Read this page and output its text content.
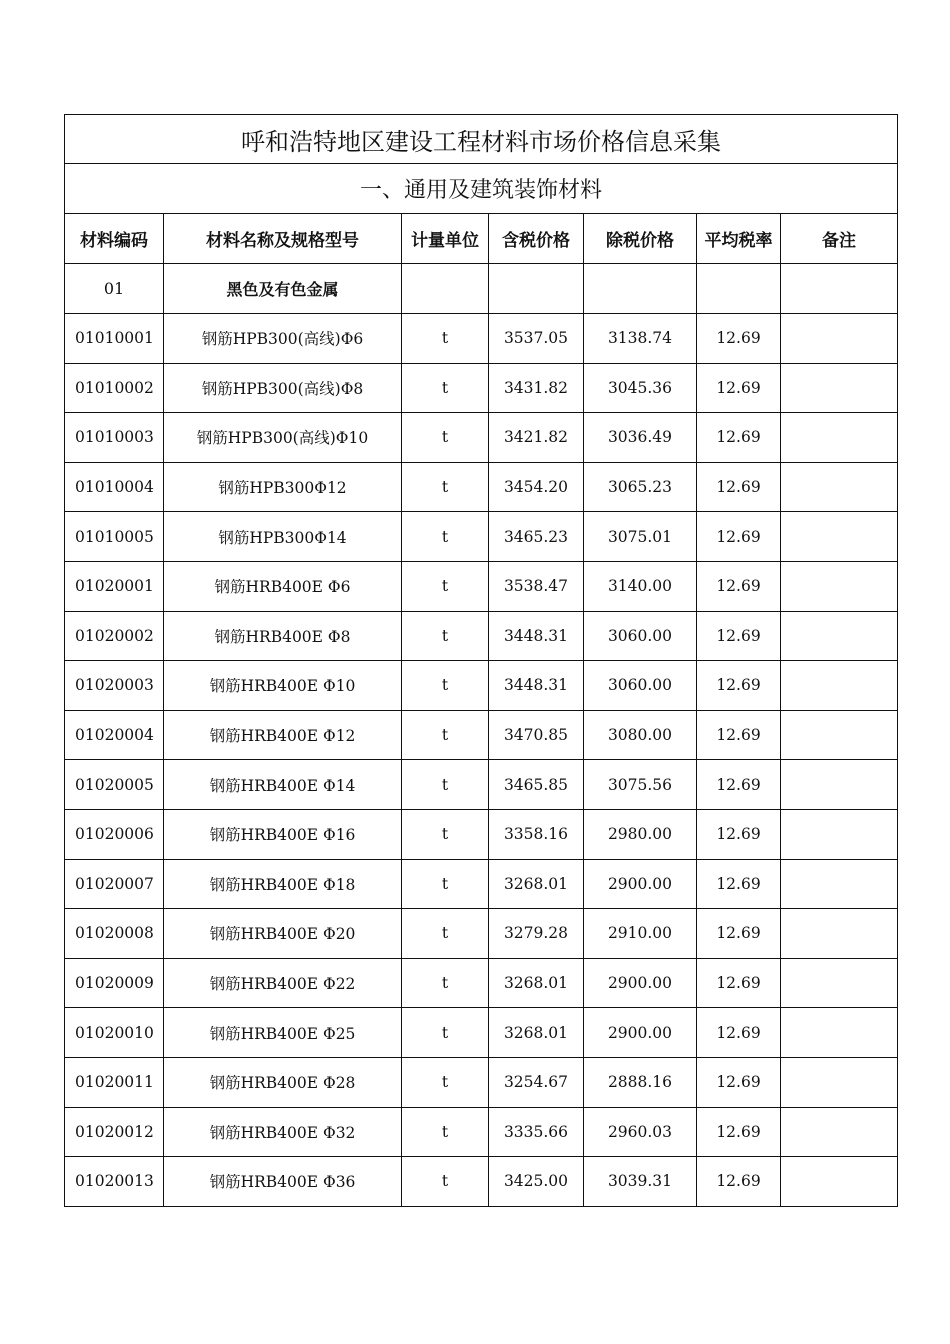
呼和浩特地区建设工程材料市场价格信息采集						
一、通用及建筑装饰材料						
材料编码	材料名称及规格型号	计量单位	含税价格	除税价格	平均税率	备注
01	黑色及有色金属					
01010001	钢筋HPB300(高线)Φ6	t	3537.05	3138.74	12.69	
01010002	钢筋HPB300(高线)Φ8	t	3431.82	3045.36	12.69	
01010003	钢筋HPB300(高线)Φ10	t	3421.82	3036.49	12.69	
01010004	钢筋HPB300Φ12	t	3454.20	3065.23	12.69	
01010005	钢筋HPB300Φ14	t	3465.23	3075.01	12.69	
01020001	钢筋HRB400E Φ6	t	3538.47	3140.00	12.69	
01020002	钢筋HRB400E Φ8	t	3448.31	3060.00	12.69	
01020003	钢筋HRB400E Φ10	t	3448.31	3060.00	12.69	
01020004	钢筋HRB400E Φ12	t	3470.85	3080.00	12.69	
01020005	钢筋HRB400E Φ14	t	3465.85	3075.56	12.69	
01020006	钢筋HRB400E Φ16	t	3358.16	2980.00	12.69	
01020007	钢筋HRB400E Φ18	t	3268.01	2900.00	12.69	
01020008	钢筋HRB400E Φ20	t	3279.28	2910.00	12.69	
01020009	钢筋HRB400E Φ22	t	3268.01	2900.00	12.69	
01020010	钢筋HRB400E Φ25	t	3268.01	2900.00	12.69	
01020011	钢筋HRB400E Φ28	t	3254.67	2888.16	12.69	
01020012	钢筋HRB400E Φ32	t	3335.66	2960.03	12.69	
01020013	钢筋HRB400E Φ36	t	3425.00	3039.31	12.69	
